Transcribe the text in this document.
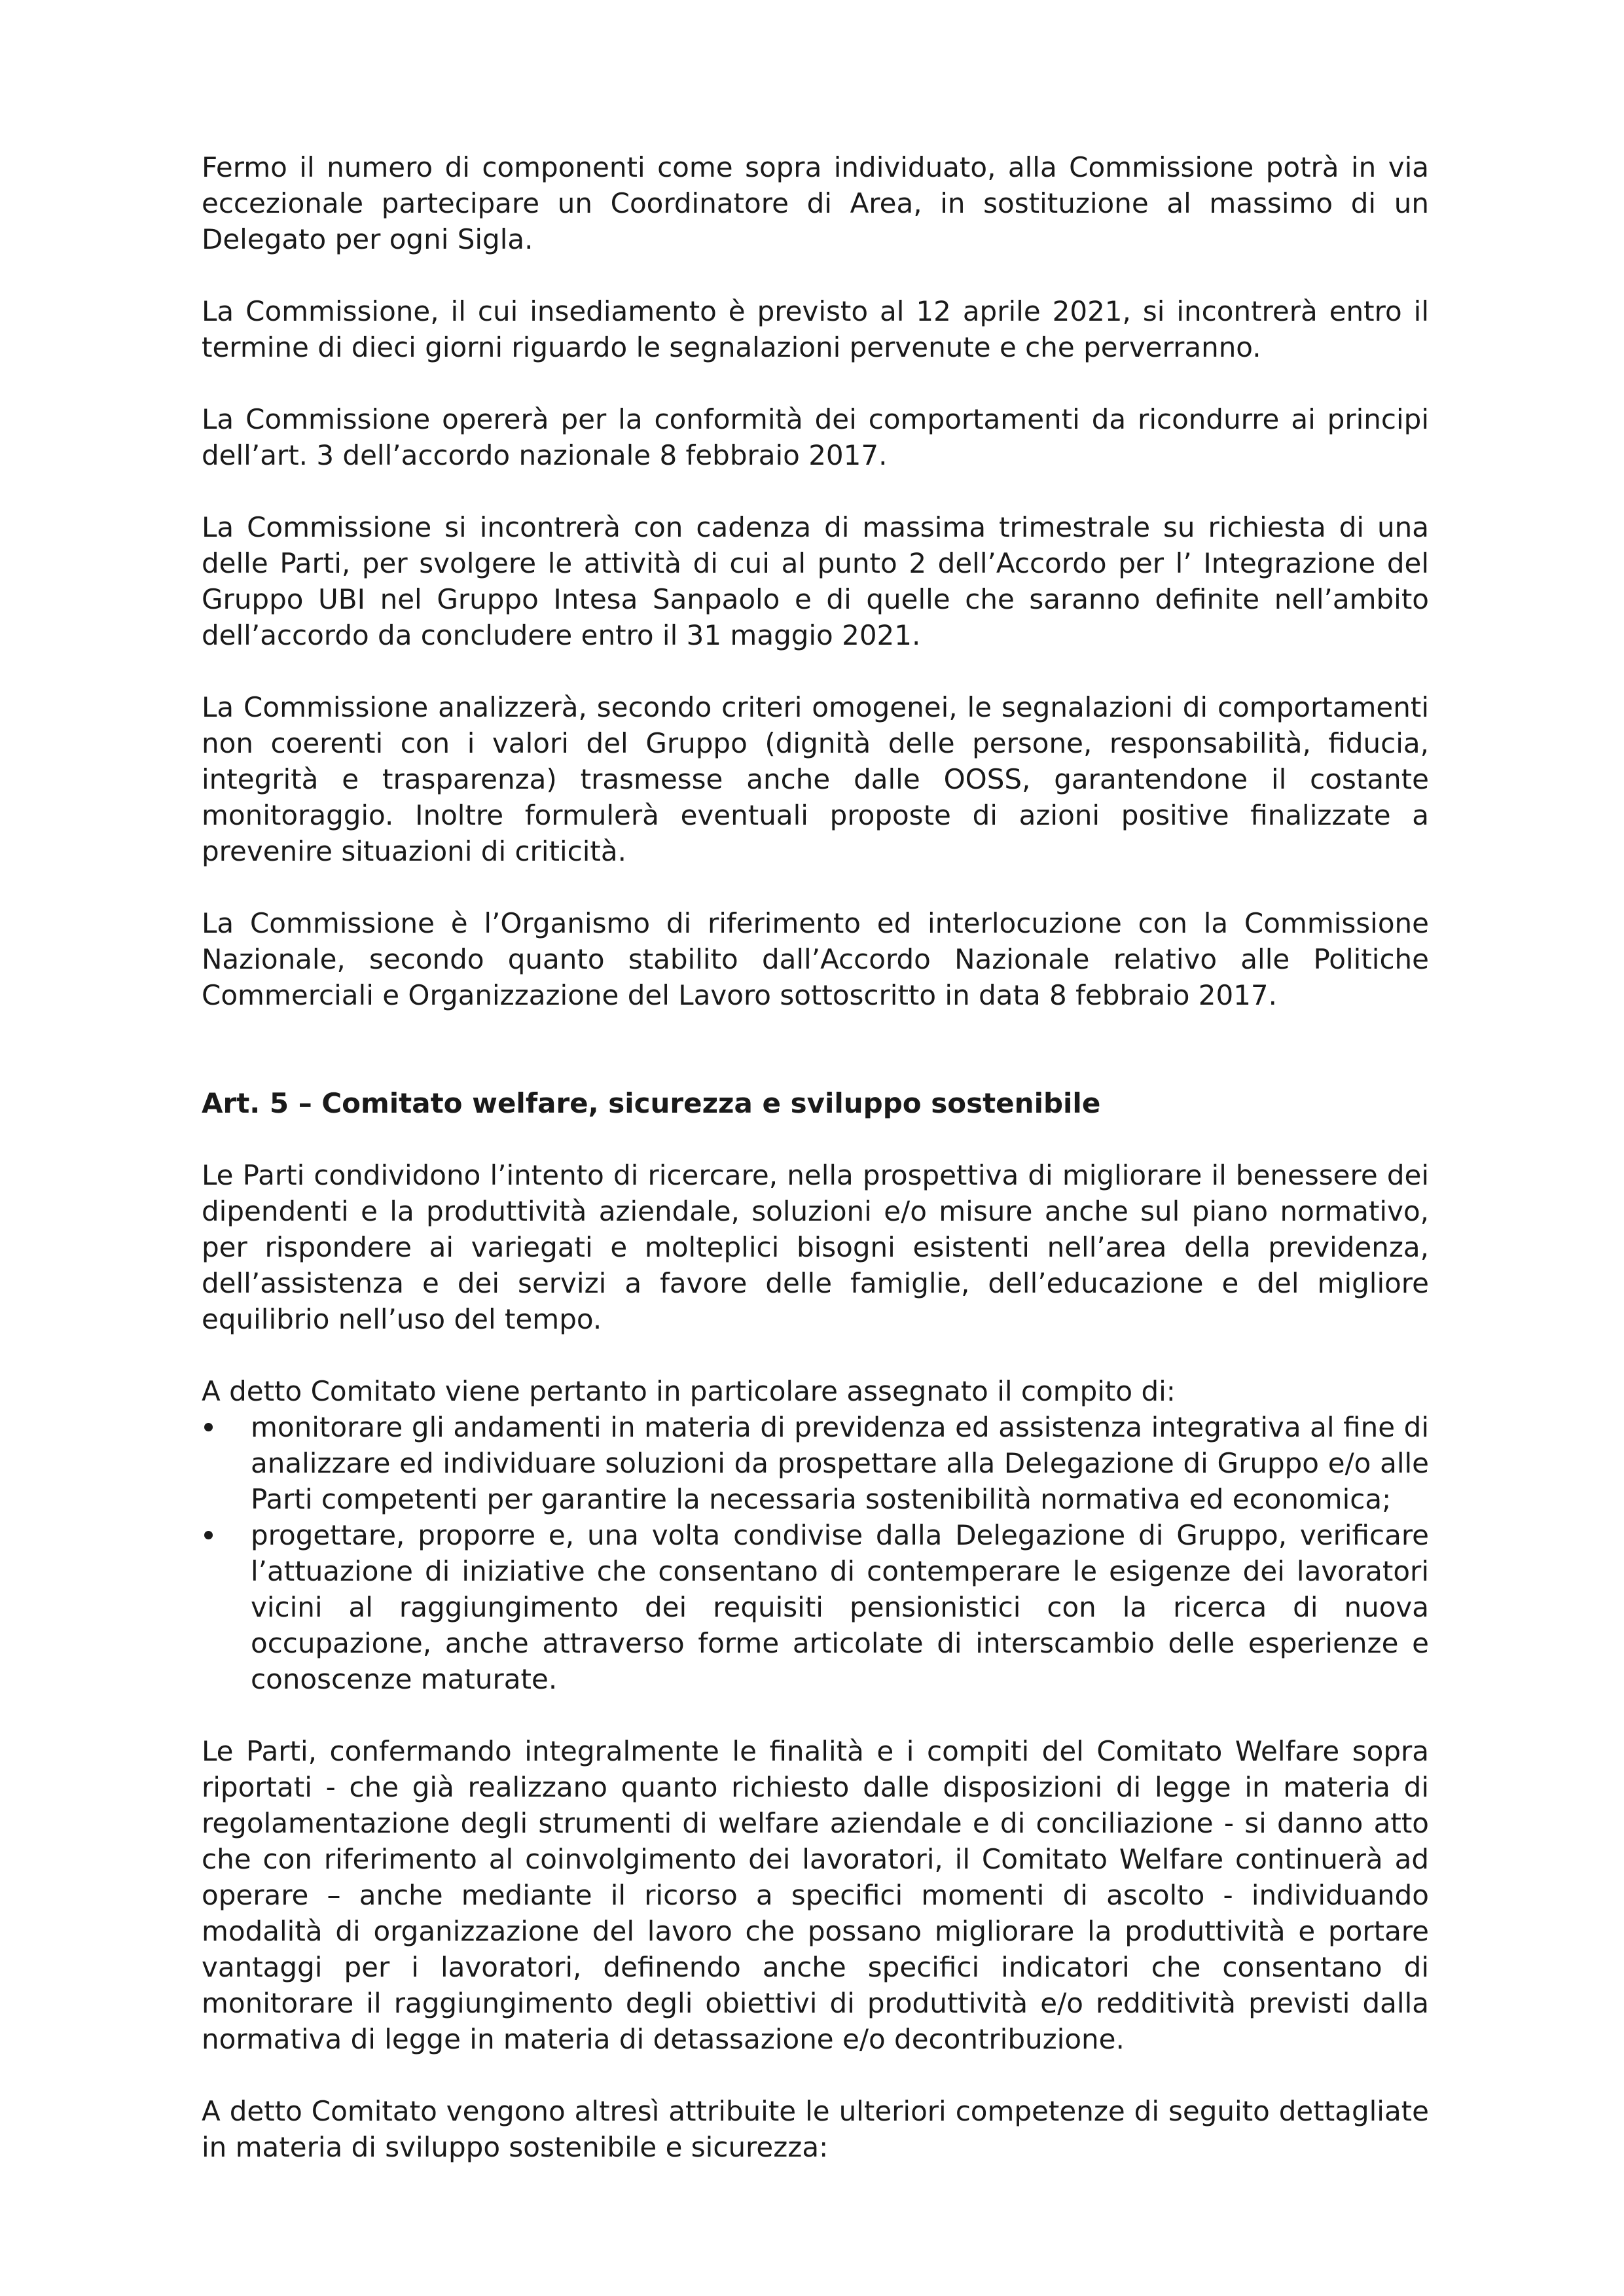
Fermo il numero di componenti come sopra individuato, alla Commissione potrà in via eccezionale partecipare un Coordinatore di Area, in sostituzione al massimo di un Delegato per ogni Sigla.

La Commissione, il cui insediamento è previsto al 12 aprile 2021, si incontrerà entro il termine di dieci giorni riguardo le segnalazioni pervenute e che perverranno.

La Commissione opererà per la conformità dei comportamenti da ricondurre ai principi dell’art. 3 dell’accordo nazionale 8 febbraio 2017.

La Commissione si incontrerà con cadenza di massima trimestrale su richiesta di una delle Parti, per svolgere le attività di cui al punto 2 dell’Accordo per l’ Integrazione del Gruppo UBI nel Gruppo Intesa Sanpaolo e di quelle che saranno definite nell’ambito dell’accordo da concludere entro il 31 maggio 2021.

La Commissione analizzerà, secondo criteri omogenei, le segnalazioni di comportamenti non coerenti con i valori del Gruppo (dignità delle persone, responsabilità, fiducia, integrità e trasparenza) trasmesse anche dalle OOSS, garantendone il costante monitoraggio. Inoltre formulerà eventuali proposte di azioni positive finalizzate a prevenire situazioni di criticità.

La Commissione è l’Organismo di riferimento ed interlocuzione con la Commissione Nazionale, secondo quanto stabilito dall’Accordo Nazionale relativo alle Politiche Commerciali e Organizzazione del Lavoro sottoscritto in data 8 febbraio 2017.

Art. 5 – Comitato welfare, sicurezza e sviluppo sostenibile

Le Parti condividono l’intento di ricercare, nella prospettiva di migliorare il benessere dei dipendenti e la produttività aziendale, soluzioni e/o misure anche sul piano normativo, per rispondere ai variegati e molteplici bisogni esistenti nell’area della previdenza, dell’assistenza e dei servizi a favore delle famiglie, dell’educazione e del migliore equilibrio nell’uso del tempo.

A detto Comitato viene pertanto in particolare assegnato il compito di:

monitorare gli andamenti in materia di previdenza ed assistenza integrativa al fine di analizzare ed individuare soluzioni da prospettare alla Delegazione di Gruppo e/o alle Parti competenti per garantire la necessaria sostenibilità normativa ed economica;
progettare, proporre e, una volta condivise dalla Delegazione di Gruppo, verificare l’attuazione di iniziative che consentano di contemperare le esigenze dei lavoratori vicini al raggiungimento dei requisiti pensionistici con la ricerca di nuova occupazione, anche attraverso forme articolate di interscambio delle esperienze e conoscenze maturate.

Le Parti, confermando integralmente le finalità e i compiti del Comitato Welfare sopra riportati - che già realizzano quanto richiesto dalle disposizioni di legge in materia di regolamentazione degli strumenti di welfare aziendale e di conciliazione - si danno atto che con riferimento al coinvolgimento dei lavoratori, il Comitato Welfare continuerà ad operare – anche mediante il ricorso a specifici momenti di ascolto - individuando modalità di organizzazione del lavoro che possano migliorare la produttività e portare vantaggi per i lavoratori, definendo anche specifici indicatori che consentano di monitorare il raggiungimento degli obiettivi di produttività e/o redditività previsti dalla normativa di legge in materia di detassazione e/o decontribuzione.

A detto Comitato vengono altresì attribuite le ulteriori competenze di seguito dettagliate in materia di sviluppo sostenibile e sicurezza:
